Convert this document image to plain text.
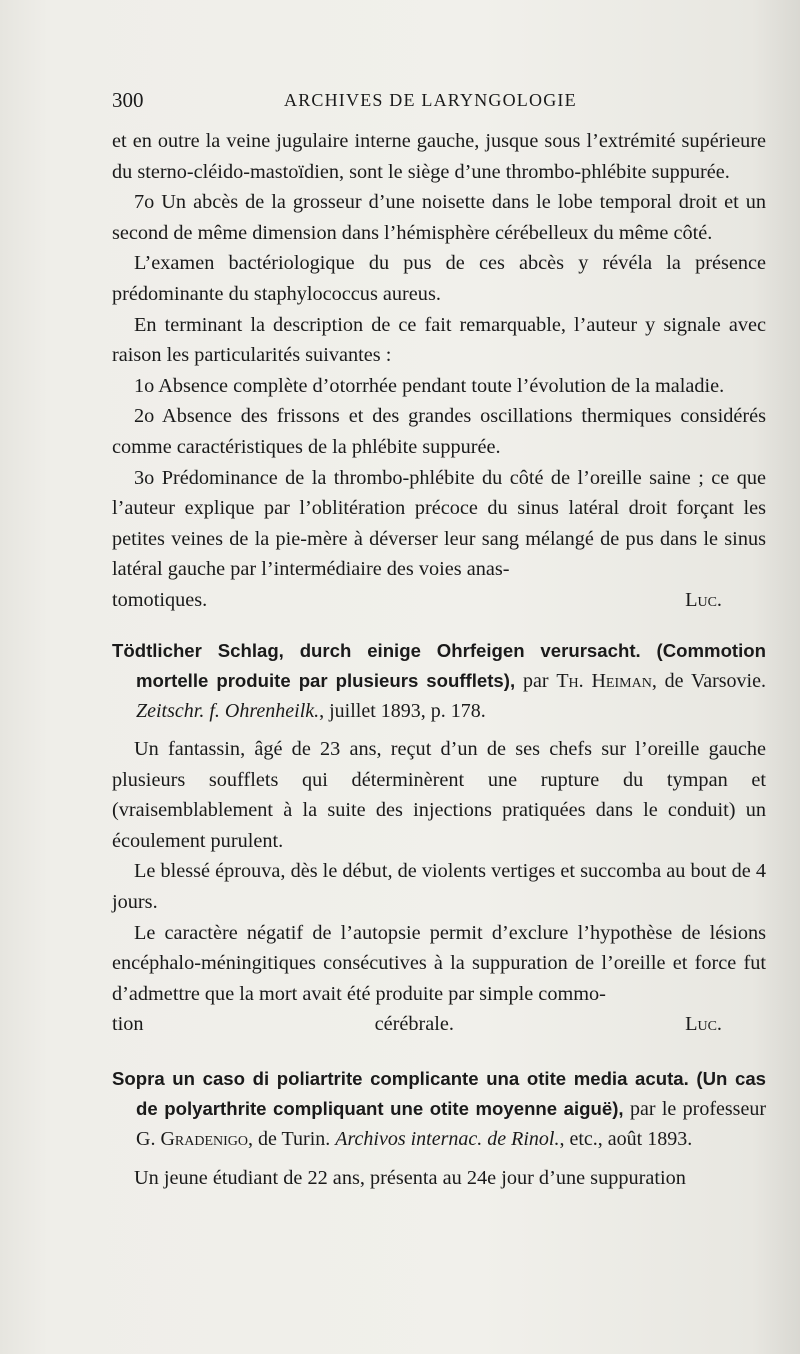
300	ARCHIVES DE LARYNGOLOGIE

et en outre la veine jugulaire interne gauche, jusque sous l’extrémité supérieure du sterno-cléido-mastoïdien, sont le siège d’une thrombo-phlébite suppurée.

7o Un abcès de la grosseur d’une noisette dans le lobe temporal droit et un second de même dimension dans l’hémisphère cérébelleux du même côté.

L’examen bactériologique du pus de ces abcès y révéla la présence prédominante du staphylococcus aureus.

En terminant la description de ce fait remarquable, l’auteur y signale avec raison les particularités suivantes :

1o Absence complète d’otorrhée pendant toute l’évolution de la maladie.

2o Absence des frissons et des grandes oscillations thermiques considérés comme caractéristiques de la phlébite suppurée.

3o Prédominance de la thrombo-phlébite du côté de l’oreille saine ; ce que l’auteur explique par l’oblitération précoce du sinus latéral droit forçant les petites veines de la pie-mère à déverser leur sang mélangé de pus dans le sinus latéral gauche par l’intermédiaire des voies anas-

tomotiques.	Luc.

Tödtlicher Schlag, durch einige Ohrfeigen verursacht. (Commotion mortelle produite par plusieurs soufflets), par Th. Heiman, de Varsovie. Zeitschr. f. Ohrenheilk., juillet 1893, p. 178.

Un fantassin, âgé de 23 ans, reçut d’un de ses chefs sur l’oreille gauche plusieurs soufflets qui déterminèrent une rupture du tympan et (vraisemblablement à la suite des injections pratiquées dans le conduit) un écoulement purulent.

Le blessé éprouva, dès le début, de violents vertiges et succomba au bout de 4 jours.

Le caractère négatif de l’autopsie permit d’exclure l’hypothèse de lésions encéphalo-méningitiques consécutives à la suppuration de l’oreille et force fut d’admettre que la mort avait été produite par simple commo-

tion cérébrale.	Luc.

Sopra un caso di poliartrite complicante una otite media acuta. (Un cas de polyarthrite compliquant une otite moyenne aiguë), par le professeur G. Gradenigo, de Turin. Archivos internac. de Rinol., etc., août 1893.

Un jeune étudiant de 22 ans, présenta au 24e jour d’une suppuration
